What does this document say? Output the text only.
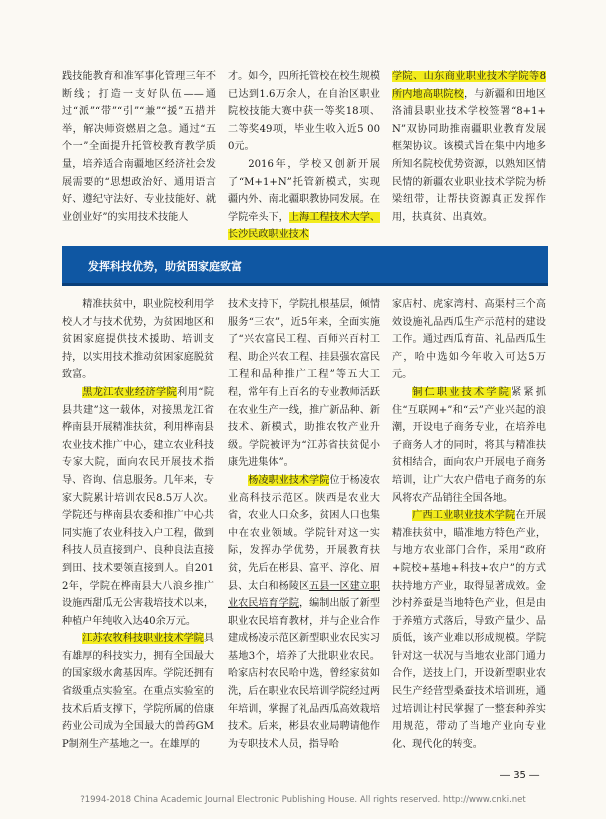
践技能教育和准军事化管理三年不断线；打造一支好队伍——通过“派”“带”“引”“兼”“援”五措并举，解决师资燃眉之急。通过“五个一”全面提升托管校教育教学质量，培养适合南疆地区经济社会发展需要的“思想政治好、通用语言好、遵纪守法好、专业技能好、就业创业好”的实用技术技能人
才。如今，四所托管校在校生规模已达到1.6万余人，在自治区职业院校技能大赛中获一等奖18项、二等奖49项，毕业生收入近5 000元。
2016年，学校又创新开展了“M+1+N”托管新模式，实现疆内外、南北疆职教协同发展。在学院牵头下，上海工程技术大学、长沙民政职业技术
学院、山东商业职业技术学院等8所内地高职院校，与新疆和田地区洛浦县职业技术学校签署“8+1+N”双协同助推南疆职业教育发展框架协议。该模式旨在集中内地多所知名院校优势资源，以熟知区情民情的新疆农业职业技术学院为桥梁纽带，让帮扶资源真正发挥作用，扶真贫、出真效。
发挥科技优势，助贫困家庭致富
精准扶贫中，职业院校利用学校人才与技术优势，为贫困地区和贫困家庭提供技术援助、培训支持，以实用技术推动贫困家庭脱贫致富。
黑龙江农业经济学院利用“院县共建”这一载体，对接黑龙江省桦南县开展精准扶贫，利用桦南县农业技术推广中心，建立农业科技专家大院，面向农民开展技术指导、咨询、信息服务。几年来，专家大院累计培训农民8.5万人次。学院还与桦南县农委和推广中心共同实施了农业科技入户工程，做到科技人员直接到户、良种良法直接到田、技术要领直接到人。自2012年，学院在桦南县大八浪乡推广设施西甜瓜无公害栽培技术以来，种植户年纯收入达40余万元。
江苏农牧科技职业技术学院具有雄厚的科技实力，拥有全国最大的国家级水禽基因库。学院还拥有省级重点实验室。在重点实验室的技术后盾支撑下，学院所属的倍康药业公司成为全国最大的兽药GMP制剂生产基地之一。在雄厚的
技术支持下，学院扎根基层，倾情服务“三农”，近5年来，全面实施了“兴农富民工程、百师兴百村工程、助企兴农工程、挂县强农富民工程和品种推广工程”等五大工程，常年有上百名的专业教师活跃在农业生产一线，推广新品种、新技术、新模式，助推农牧产业升级。学院被评为“江苏省扶贫促小康先进集体”。
杨凌职业技术学院位于杨凌农业高科技示范区。陕西是农业大省，农业人口众多，贫困人口也集中在农业领域。学院针对这一实际，发挥办学优势，开展教育扶贫，先后在彬县、富平、淳化、眉县、太白和杨陵区五县一区建立职业农民培育学院，编制出版了新型职业农民培育教材，并与企业合作建成杨凌示范区新型职业农民实习基地3个，培养了大批职业农民。哈家店村农民哈中选，曾经家贫如洗，后在职业农民培训学院经过两年培训，掌握了礼品西瓜高效栽培技术。后来，彬县农业局聘请他作为专职技术人员，指导哈
家店村、虎家湾村、高渠村三个高效设施礼品西瓜生产示范村的建设工作。通过西瓜育苗、礼品西瓜生产，哈中选如今年收入可达5万元。
铜仁职业技术学院紧紧抓住“互联网+”和“云”产业兴起的浪潮，开设电子商务专业，在培养电子商务人才的同时，将其与精准扶贫相结合，面向农户开展电子商务培训，让广大农户借电子商务的东风将农产品销往全国各地。
广西工业职业技术学院在开展精准扶贫中，瞄准地方特色产业，与地方农业部门合作，采用“政府+院校+基地+科技+农户”的方式扶持地方产业，取得显著成效。金沙村养蚕是当地特色产业，但是由于养殖方式落后，导致产量少、品质低，该产业难以形成规模。学院针对这一状况与当地农业部门通力合作，送技上门，开设新型职业农民生产经营型桑蚕技术培训班，通过培训让村民掌握了一整套种养实用规范，带动了当地产业向专业化、现代化的转变。
― 35 ―
?1994-2018 China Academic Journal Electronic Publishing House. All rights reserved. http://www.cnki.net
